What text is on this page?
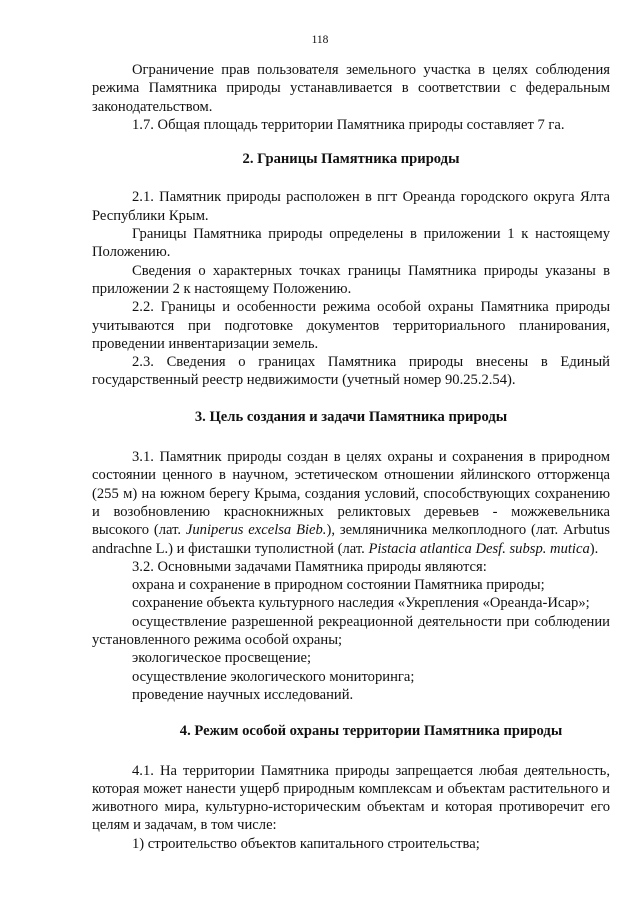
118

Ограничение прав пользователя земельного участка в целях соблюдения режима Памятника природы устанавливается в соответствии с федеральным законодательством.

1.7. Общая площадь территории Памятника природы составляет 7 га.

2. Границы Памятника природы

2.1. Памятник природы расположен в пгт Ореанда городского округа Ялта Республики Крым.

Границы Памятника природы определены в приложении 1 к настоящему Положению.

Сведения о характерных точках границы Памятника природы указаны в приложении 2 к настоящему Положению.

2.2. Границы и особенности режима особой охраны Памятника природы учитываются при подготовке документов территориального планирования, проведении инвентаризации земель.

2.3. Сведения о границах Памятника природы внесены в Единый государственный реестр недвижимости (учетный номер 90.25.2.54).

3. Цель создания и задачи Памятника природы

3.1. Памятник природы создан в целях охраны и сохранения в природном состоянии ценного в научном, эстетическом отношении яйлинского отторженца (255 м) на южном берегу Крыма, создания условий, способствующих сохранению и возобновлению краснокнижных реликтовых деревьев - можжевельника высокого (лат. Juniperus excelsa Bieb.), земляничника мелкоплодного (лат. Arbutus andrachne L.) и фисташки туполистной (лат. Pistacia atlantica Desf. subsp. mutica).

3.2. Основными задачами Памятника природы являются:

охрана и сохранение в природном состоянии Памятника природы;

сохранение объекта культурного наследия «Укрепления «Ореанда-Исар»;

осуществление разрешенной рекреационной деятельности при соблюдении установленного режима особой охраны;

экологическое просвещение;

осуществление экологического мониторинга;

проведение научных исследований.

4. Режим особой охраны территории Памятника природы

4.1. На территории Памятника природы запрещается любая деятельность, которая может нанести ущерб природным комплексам и объектам растительного и животного мира, культурно-историческим объектам и которая противоречит его целям и задачам, в том числе:

1) строительство объектов капитального строительства;
